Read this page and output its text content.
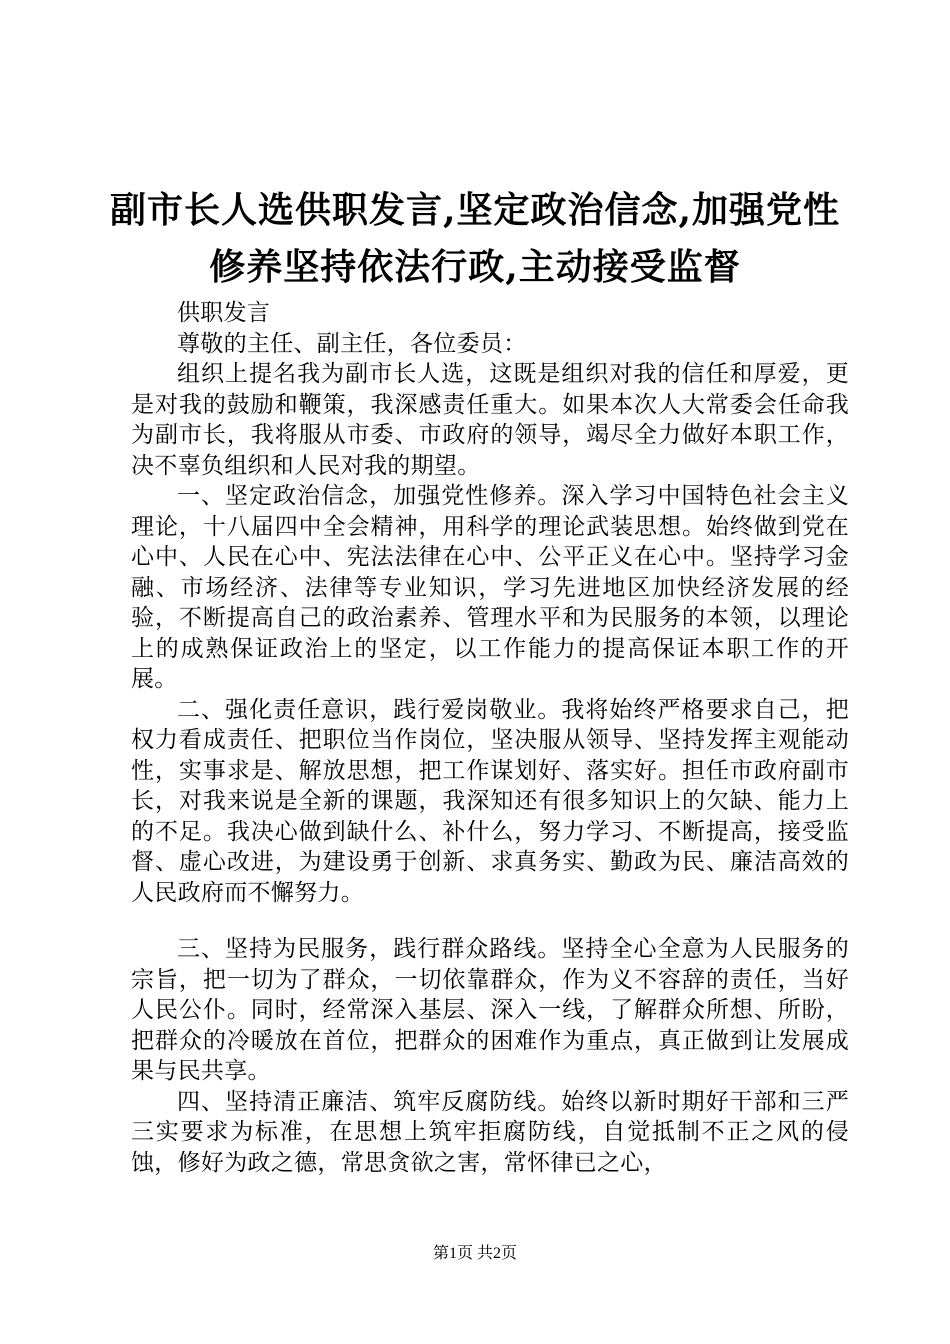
副市长人选供职发言,坚定政治信念,加强党性
修养坚持依法行政,主动接受监督

供职发言

尊敬的主任、副主任，各位委员：

组织上提名我为副市长人选，这既是组织对我的信任和厚爱，更是对我的鼓励和鞭策，我深感责任重大。如果本次人大常委会任命我为副市长，我将服从市委、市政府的领导，竭尽全力做好本职工作，决不辜负组织和人民对我的期望。

一、坚定政治信念，加强党性修养。深入学习中国特色社会主义理论，十八届四中全会精神，用科学的理论武装思想。始终做到党在心中、人民在心中、宪法法律在心中、公平正义在心中。坚持学习金融、市场经济、法律等专业知识，学习先进地区加快经济发展的经验，不断提高自己的政治素养、管理水平和为民服务的本领，以理论上的成熟保证政治上的坚定，以工作能力的提高保证本职工作的开展。

二、强化责任意识，践行爱岗敬业。我将始终严格要求自己，把权力看成责任、把职位当作岗位，坚决服从领导、坚持发挥主观能动性，实事求是、解放思想，把工作谋划好、落实好。担任市政府副市长，对我来说是全新的课题，我深知还有很多知识上的欠缺、能力上的不足。我决心做到缺什么、补什么，努力学习、不断提高，接受监督、虚心改进，为建设勇于创新、求真务实、勤政为民、廉洁高效的人民政府而不懈努力。

三、坚持为民服务，践行群众路线。坚持全心全意为人民服务的宗旨，把一切为了群众，一切依靠群众，作为义不容辞的责任，当好人民公仆。同时，经常深入基层、深入一线，了解群众所想、所盼，把群众的冷暖放在首位，把群众的困难作为重点，真正做到让发展成果与民共享。

四、坚持清正廉洁、筑牢反腐防线。始终以新时期好干部和三严三实要求为标准，在思想上筑牢拒腐防线，自觉抵制不正之风的侵蚀，修好为政之德，常思贪欲之害，常怀律已之心，

第1页 共2页
